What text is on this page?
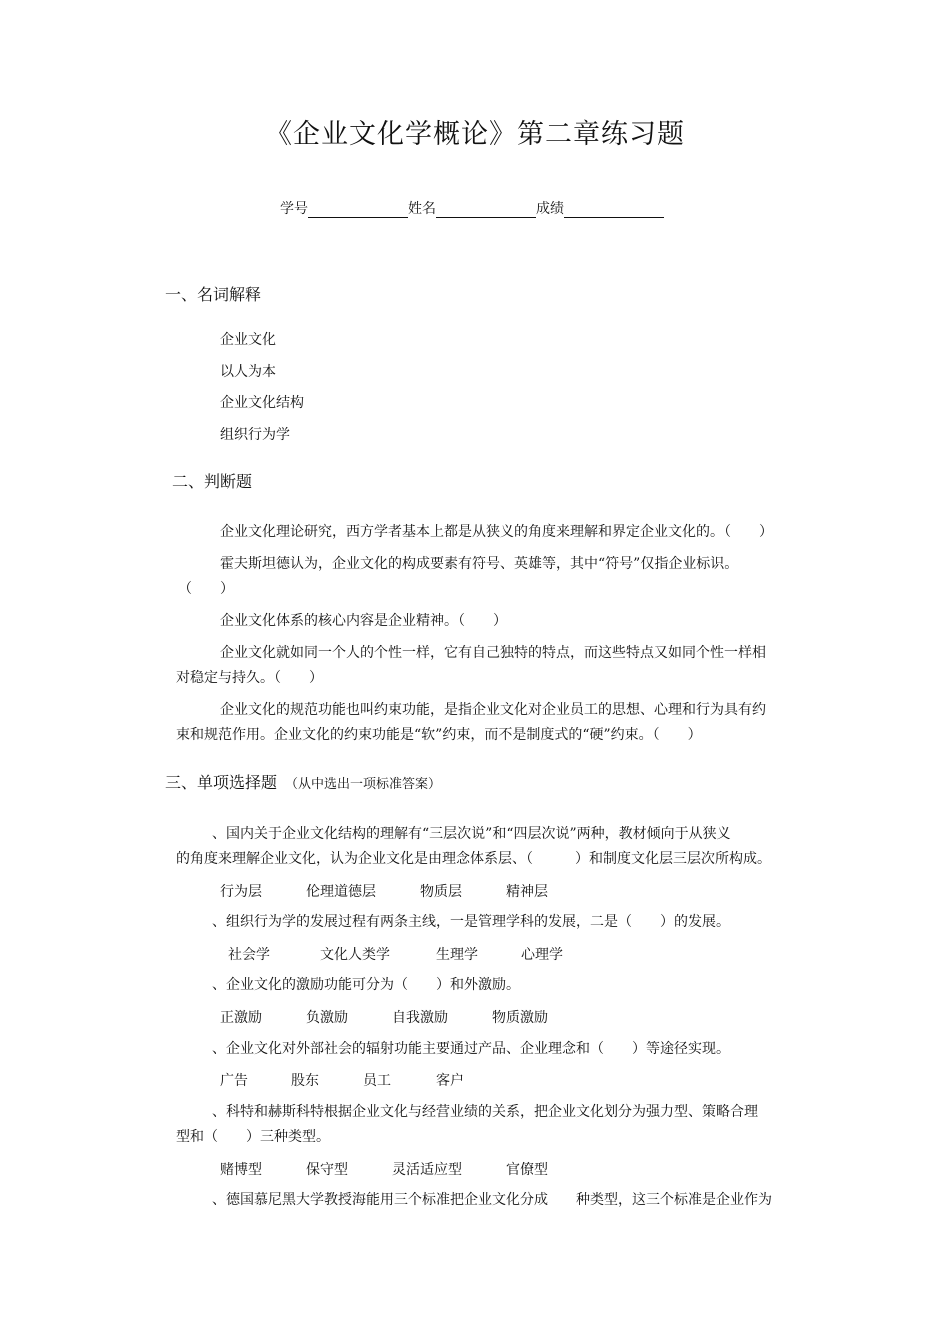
《企业文化学概论》第二章练习题
学号	姓名	成绩
一、名词解释
企业文化
以人为本
企业文化结构
组织行为学
二、判断题
企业文化理论研究，西方学者基本上都是从狭义的角度来理解和界定企业文化的。（　　）
霍夫斯坦德认为，企业文化的构成要素有符号、英雄等，其中“符号”仅指企业标识。
（　　）
企业文化体系的核心内容是企业精神。（　　）
企业文化就如同一个人的个性一样，它有自己独特的特点，而这些特点又如同个性一样相
对稳定与持久。（　　）
企业文化的规范功能也叫约束功能，是指企业文化对企业员工的思想、心理和行为具有约
束和规范作用。企业文化的约束功能是“软”约束，而不是制度式的“硬”约束。（　　）
三、单项选择题 （从中选出一项标准答案）
、国内关于企业文化结构的理解有“三层次说”和“四层次说”两种，教材倾向于从狭义
的角度来理解企业文化，认为企业文化是由理念体系层、（　　　）和制度文化层三层次所构成。
行为层	伦理道德层	物质层	精神层
、组织行为学的发展过程有两条主线，一是管理学科的发展，二是（　　）的发展。
社会学	文化人类学	生理学	心理学
、企业文化的激励功能可分为（　　）和外激励。
正激励	负激励	自我激励	物质激励
、企业文化对外部社会的辐射功能主要通过产品、企业理念和（　　）等途径实现。
广告	股东	员工	客户
、科特和赫斯科特根据企业文化与经营业绩的关系，把企业文化划分为强力型、策略合理
型和（　　）三种类型。
赌博型	保守型	灵活适应型	官僚型
、德国慕尼黑大学教授海能用三个标准把企业文化分成　　种类型，这三个标准是企业作为
